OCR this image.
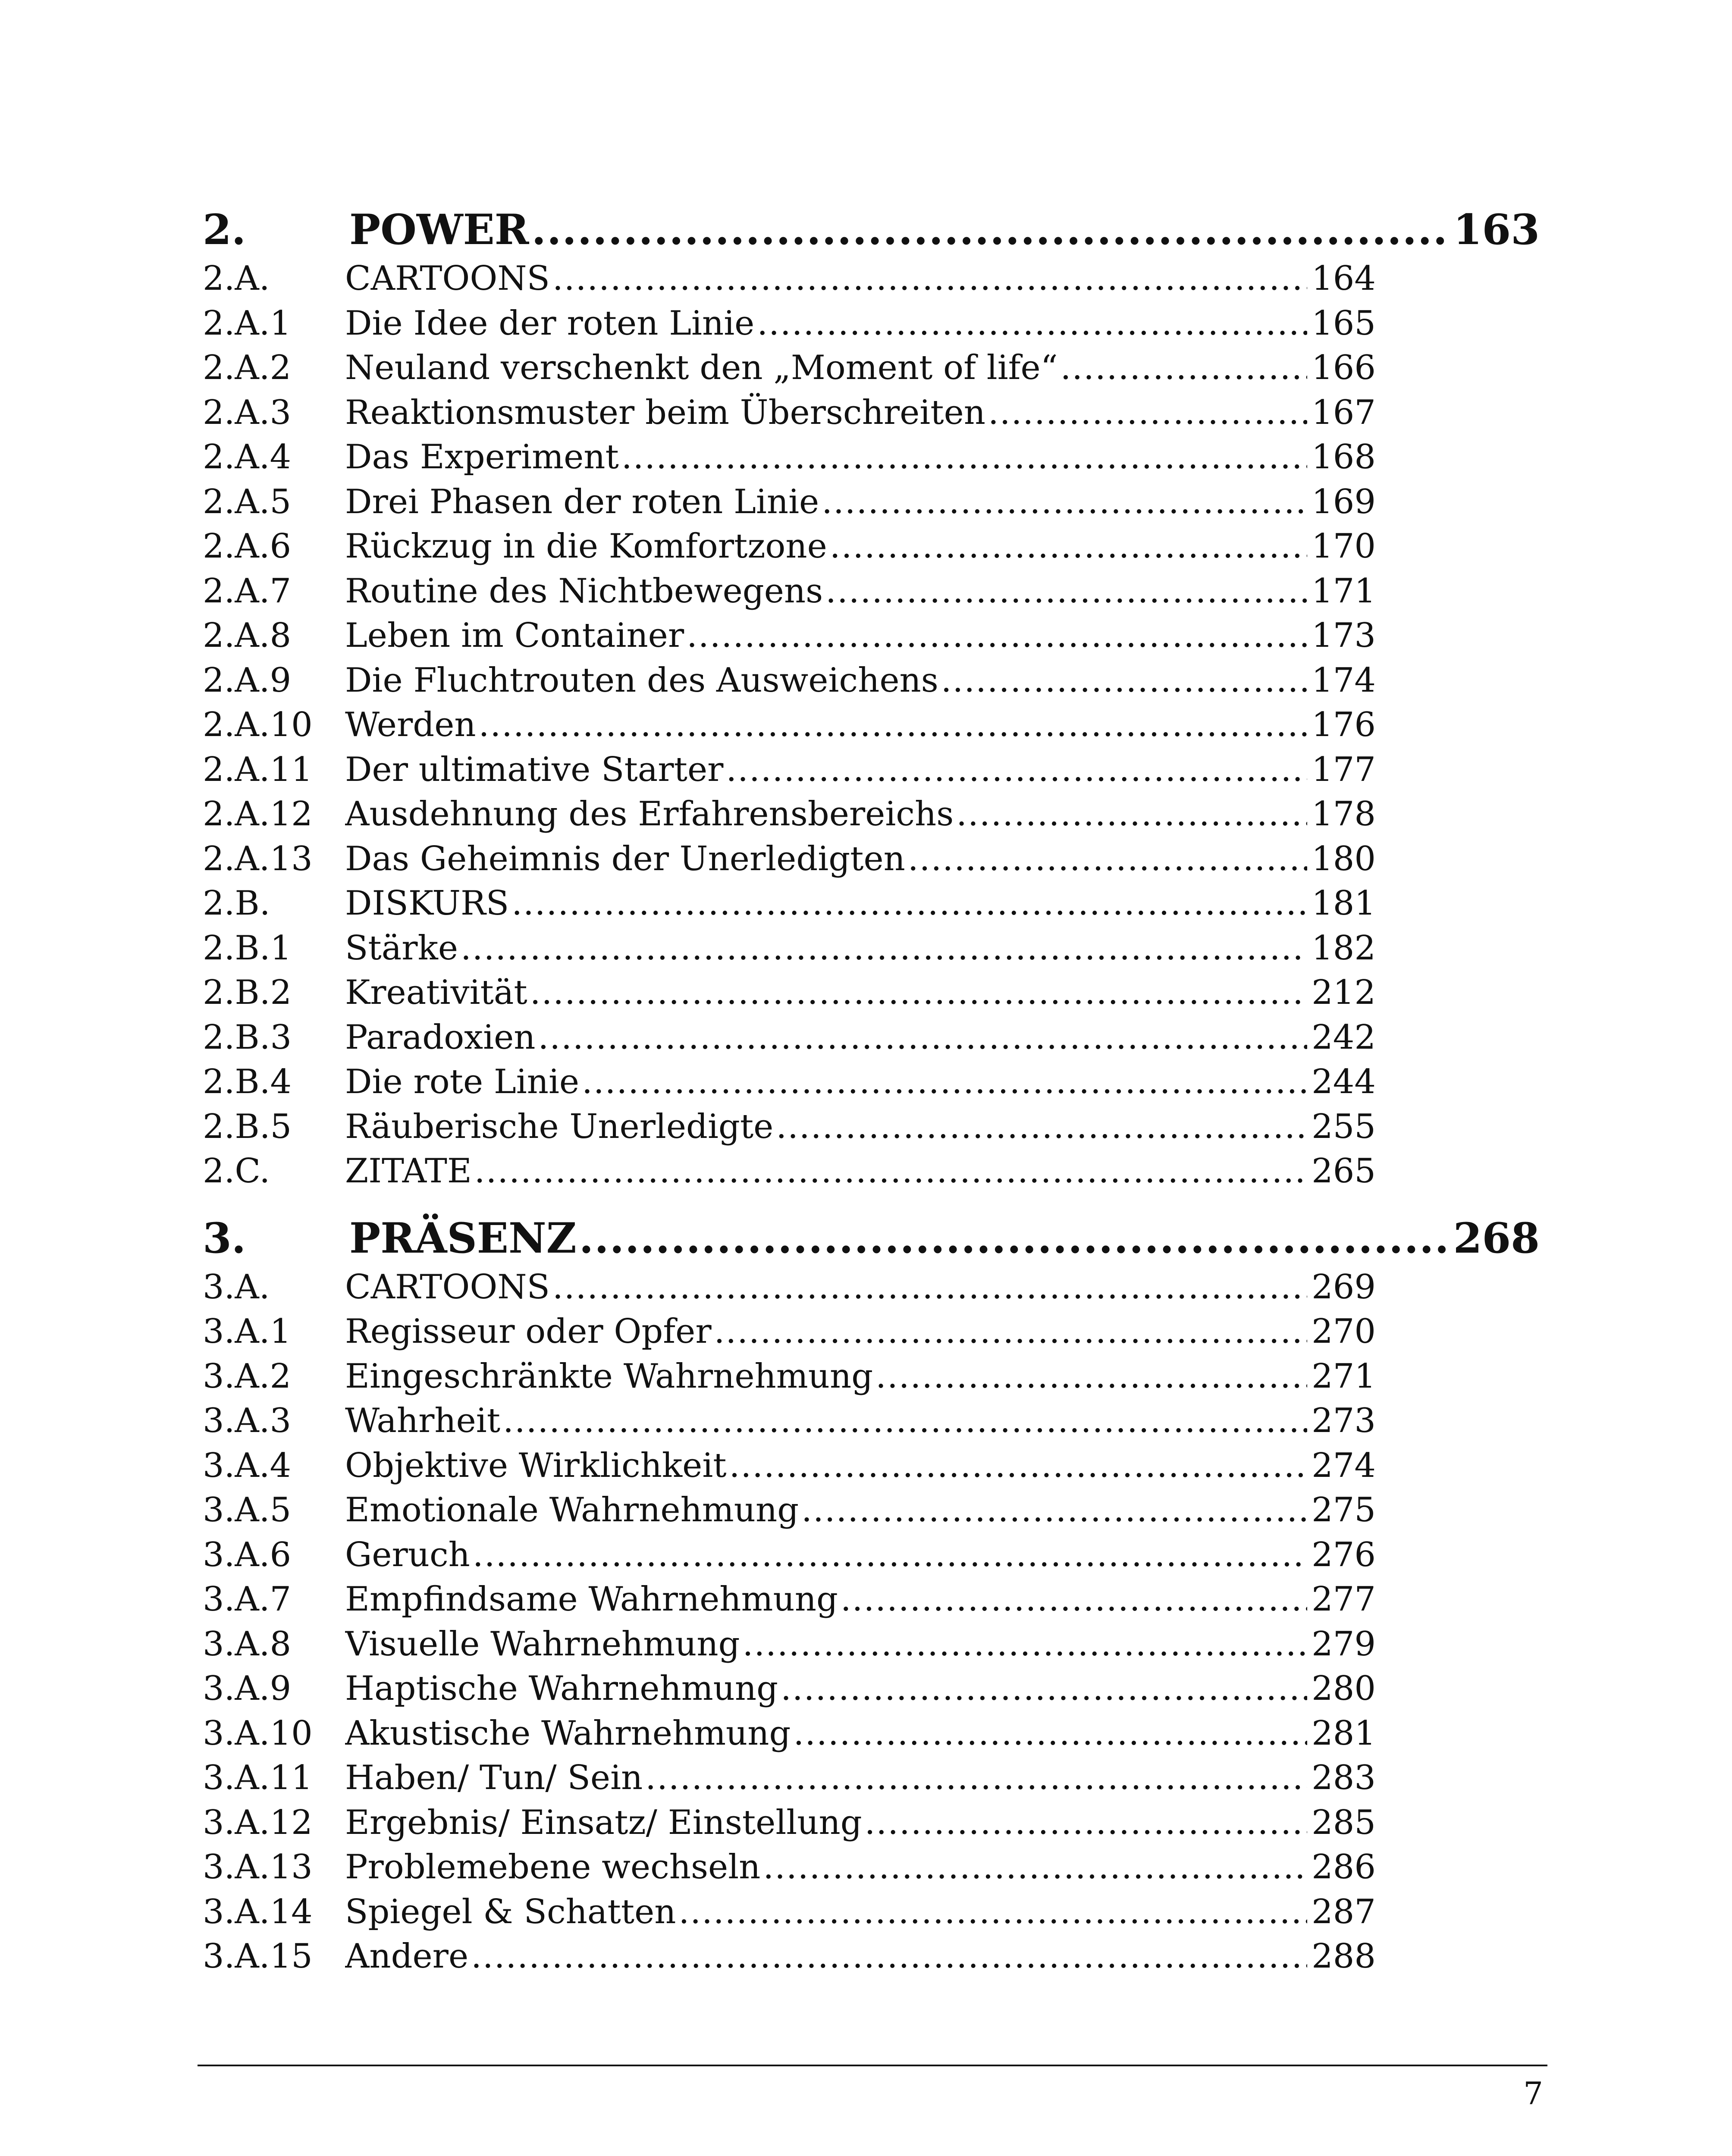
2.	POWER .....	163
2.A.	CARTOONS .....	164
2.A.1	Die Idee der roten Linie .....	165
2.A.2	Neuland verschenkt den „Moment of life“ .....	166
2.A.3	Reaktionsmuster beim Überschreiten .....	167
2.A.4	Das Experiment .....	168
2.A.5	Drei Phasen der roten Linie .....	169
2.A.6	Rückzug in die Komfortzone .....	170
2.A.7	Routine des Nichtbewegens .....	171
2.A.8	Leben im Container .....	173
2.A.9	Die Fluchtrouten des Ausweichens .....	174
2.A.10 Werden .....	176
2.A.11 Der ultimative Starter .....	177
2.A.12 Ausdehnung des Erfahrensbereichs .....	178
2.A.13 Das Geheimnis der Unerledigten .....	180
2.B.	DISKURS .....	181
2.B.1	Stärke .....	182
2.B.2	Kreativität .....	212
2.B.3	Paradoxien .....	242
2.B.4	Die rote Linie .....	244
2.B.5	Räuberische Unerledigte .....	255
2.C.	ZITATE .....	265
3.	PRÄSENZ .....	268
3.A.	CARTOONS .....	269
3.A.1	Regisseur oder Opfer .....	270
3.A.2	Eingeschränkte Wahrnehmung .....	271
3.A.3	Wahrheit .....	273
3.A.4	Objektive Wirklichkeit .....	274
3.A.5	Emotionale Wahrnehmung .....	275
3.A.6	Geruch .....	276
3.A.7	Empfindsame Wahrnehmung .....	277
3.A.8	Visuelle Wahrnehmung .....	279
3.A.9	Haptische Wahrnehmung .....	280
3.A.10 Akustische Wahrnehmung .....	281
3.A.11 Haben/ Tun/ Sein .....	283
3.A.12 Ergebnis/ Einsatz/ Einstellung .....	285
3.A.13 Problemebene wechseln .....	286
3.A.14 Spiegel & Schatten .....	287
3.A.15 Andere .....	288
7
